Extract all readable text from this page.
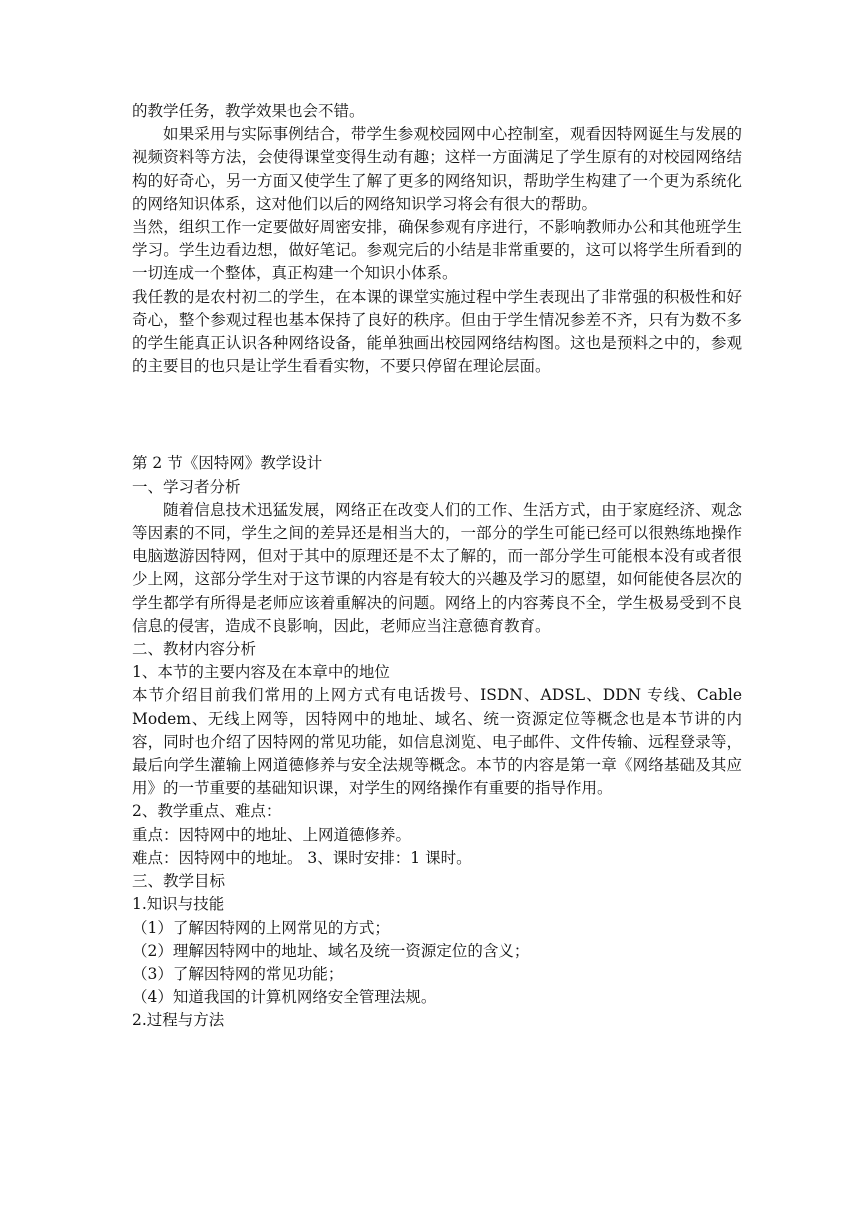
的教学任务，教学效果也会不错。

如果采用与实际事例结合，带学生参观校园网中心控制室，观看因特网诞生与发展的视频资料等方法，会使得课堂变得生动有趣；这样一方面满足了学生原有的对校园网络结构的好奇心，另一方面又使学生了解了更多的网络知识，帮助学生构建了一个更为系统化的网络知识体系，这对他们以后的网络知识学习将会有很大的帮助。

当然，组织工作一定要做好周密安排，确保参观有序进行，不影响教师办公和其他班学生学习。学生边看边想，做好笔记。参观完后的小结是非常重要的，这可以将学生所看到的一切连成一个整体，真正构建一个知识小体系。

我任教的是农村初二的学生，在本课的课堂实施过程中学生表现出了非常强的积极性和好奇心，整个参观过程也基本保持了良好的秩序。但由于学生情况参差不齐，只有为数不多的学生能真正认识各种网络设备，能单独画出校园网络结构图。这也是预料之中的，参观的主要目的也只是让学生看看实物，不要只停留在理论层面。

第 2 节《因特网》教学设计

一、学习者分析

随着信息技术迅猛发展，网络正在改变人们的工作、生活方式，由于家庭经济、观念等因素的不同，学生之间的差异还是相当大的，一部分的学生可能已经可以很熟练地操作电脑遨游因特网，但对于其中的原理还是不太了解的，而一部分学生可能根本没有或者很少上网，这部分学生对于这节课的内容是有较大的兴趣及学习的愿望，如何能使各层次的学生都学有所得是老师应该着重解决的问题。网络上的内容莠良不全，学生极易受到不良信息的侵害，造成不良影响，因此，老师应当注意德育教育。

二、教材内容分析

1、本节的主要内容及在本章中的地位

本节介绍目前我们常用的上网方式有电话拨号、ISDN、ADSL、DDN 专线、Cable Modem、无线上网等，因特网中的地址、域名、统一资源定位等概念也是本节讲的内容，同时也介绍了因特网的常见功能，如信息浏览、电子邮件、文件传输、远程登录等，最后向学生灌输上网道德修养与安全法规等概念。本节的内容是第一章《网络基础及其应用》的一节重要的基础知识课，对学生的网络操作有重要的指导作用。

2、教学重点、难点：

重点：因特网中的地址、上网道德修养。

难点：因特网中的地址。 3、课时安排：1 课时。

三、教学目标

1.知识与技能

（1）了解因特网的上网常见的方式；

（2）理解因特网中的地址、域名及统一资源定位的含义；

（3）了解因特网的常见功能；

（4）知道我国的计算机网络安全管理法规。

2.过程与方法
